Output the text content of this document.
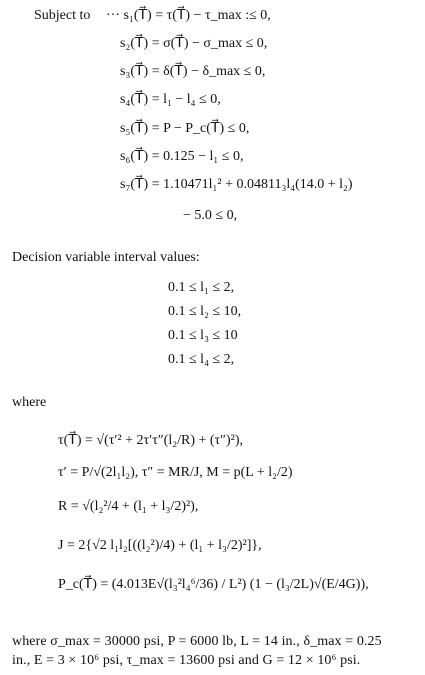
Subject to ··· s₁(T⃗) = τ(T⃗) − τ_max :≤ 0,
s₂(T⃗) = σ(T⃗) − σ_max ≤ 0,
s₃(T⃗) = δ(T⃗) − δ_max ≤ 0,
s₄(T⃗) = l₁ − l₄ ≤ 0,
s₅(T⃗) = P − P_c(T⃗) ≤ 0,
s₆(T⃗) = 0.125 − l₁ ≤ 0,
s₇(T⃗) = 1.10471l₁² + 0.04811₃l₄(14.0 + l₂)
− 5.0 ≤ 0,
Decision variable interval values:
0.1 ≤ l₁ ≤ 2,
0.1 ≤ l₂ ≤ 10,
0.1 ≤ l₃ ≤ 10
0.1 ≤ l₄ ≤ 2,
where
τ(T⃗) = √(τ′² + 2τ′τ″(l₂/R) + (τ″)²),
τ′ = P/√(2l₁l₂), τ″ = MR/J, M = p(L + l₂/2)
R = √(l₂²/4 + (l₁ + l₃/2)²),
J = 2{√2 l₁l₂[((l₂²)/4) + (l₁ + l₃/2)²]},
P_c(T⃗) = (4.013E√(l₃²l₄⁶/36) / L²) (1 − (l₃/2L)√(E/4G)),
where σ_max = 30000 psi, P = 6000 lb, L = 14 in., δ_max = 0.25
in., E = 3 × 10⁶ psi, τ_max = 13600 psi and G = 12 × 10⁶ psi.
